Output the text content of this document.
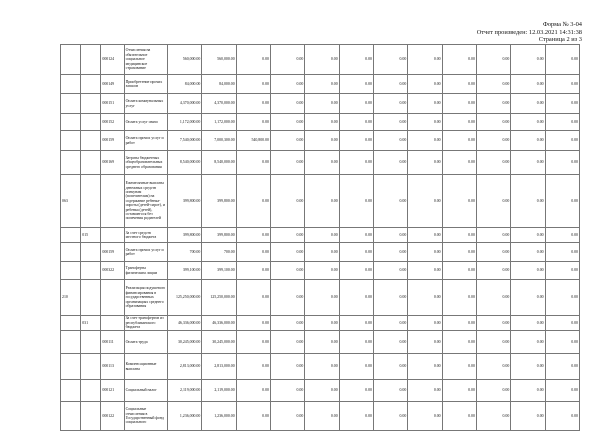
Форма № 3-04
Отчет произведен: 12.03.2021 14:31:38
Страница 2 из 3
		000124	Отчисления на обязательное социальное медицинское страхование	560,000.00	560,000.00	0.00	0.00	0.00	0.00	0.00	0.00	0.00	0.00	0.00	0.00
		000149	Приобретение прочих запасов	84,000.00	84,000.00	0.00	0.00	0.00	0.00	0.00	0.00	0.00	0.00	0.00	0.00
		000151	Оплата коммунальных услуг	4,370,000.00	4,370,000.00	0.00	0.00	0.00	0.00	0.00	0.00	0.00	0.00	0.00	0.00
		000152	Оплата услуг связи	1,172,000.00	1,172,000.00	0.00	0.00	0.00	0.00	0.00	0.00	0.00	0.00	0.00	0.00
		000159	Оплата прочих услуг и работ	7,540,000.00	7,000,300.00	540,800.00	0.00	0.00	0.00	0.00	0.00	0.00	0.00	0.00	0.00
		000169	Затраты бюджетных общеобразовательных среднего образования	8,540,000.00	8,540,000.00	0.00	0.00	0.00	0.00	0.00	0.00	0.00	0.00	0.00	0.00
063			Ежемесячные выплаты денежных средств опекунам (попечителям) на содержание ребенка-сироты (детей-сирот), и ребенка (детей), оставшегося без попечения родителей	399,800.00	399,800.00	0.00	0.00	0.00	0.00	0.00	0.00	0.00	0.00	0.00	0.00
	015		За счет средств местного бюджета	399,800.00	399,800.00	0.00	0.00	0.00	0.00	0.00	0.00	0.00	0.00	0.00	0.00
		000159	Оплата прочих услуг и работ	700.00	700.00	0.00	0.00	0.00	0.00	0.00	0.00	0.00	0.00	0.00	0.00
		000322	Трансферты физическим лицам	399,100.00	399,100.00	0.00	0.00	0.00	0.00	0.00	0.00	0.00	0.00	0.00	0.00
210			Реализация подушевого финансирования в государственных организациях среднего образования	125,250,000.00	125,250,000.00	0.00	0.00	0.00	0.00	0.00	0.00	0.00	0.00	0.00	0.00
	031		За счет трансфертов из республиканского бюджета	46,336,000.00	46,336,000.00	0.00	0.00	0.00	0.00	0.00	0.00	0.00	0.00	0.00	0.00
		000111	Оплата труда	30,245,000.00	30,245,000.00	0.00	0.00	0.00	0.00	0.00	0.00	0.00	0.00	0.00	0.00
		000113	Компенсационные выплаты	2,813,000.00	2,813,000.00	0.00	0.00	0.00	0.00	0.00	0.00	0.00	0.00	0.00	0.00
		000121	Социальный налог	2,119,000.00	2,119,000.00	0.00	0.00	0.00	0.00	0.00	0.00	0.00	0.00	0.00	0.00
		000122	Социальные отчисления в Государственный фонд социального	1,236,000.00	1,236,000.00	0.00	0.00	0.00	0.00	0.00	0.00	0.00	0.00	0.00	0.00
